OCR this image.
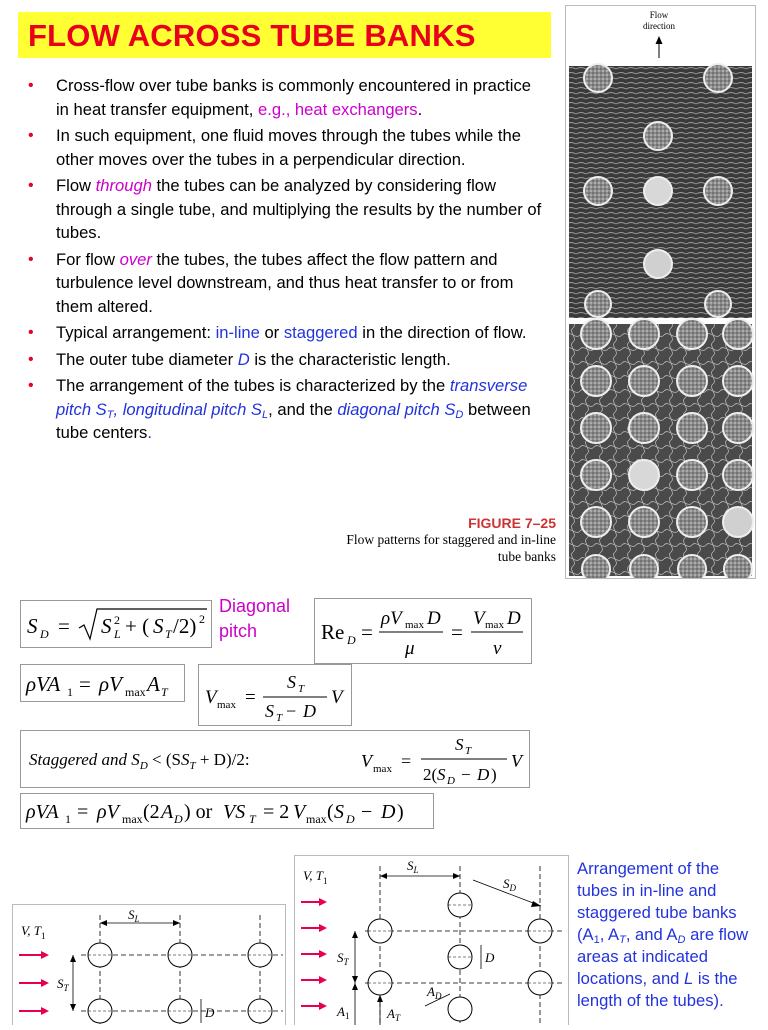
FLOW ACROSS TUBE BANKS
• Cross-flow over tube banks is commonly encountered in practice in heat transfer equipment, e.g., heat exchangers.
• In such equipment, one fluid moves through the tubes while the other moves over the tubes in a perpendicular direction.
• Flow through the tubes can be analyzed by considering flow through a single tube, and multiplying the results by the number of tubes.
• For flow over the tubes, the tubes affect the flow pattern and turbulence level downstream, and thus heat transfer to or from them altered.
• Typical arrangement: in-line or staggered in the direction of flow.
• The outer tube diameter D is the characteristic length.
• The arrangement of the tubes is characterized by the transverse pitch $S_T$, longitudinal pitch $S_L$, and the diagonal pitch $S_D$ between tube centers.
Flow
direction
FIGURE 7–25
Flow patterns for staggered and in-line
tube banks
S D = S 2
L + ( S T /2) 2
Diagonal
pitch	Re D =
ρV max D
μ
=
V max D
ν
ρVA 1 = ρV max A T V max =
S T
S T − D
V
Staggered and $S_D < (SS_T + D)/2$:	V max =
S T
2( S D − D )
V
ρVA 1 = ρV max (2 A D ) or VS T = 2 V max ( S D − D )
V, $T_1$
$S_L$
$S_T$
D
V, $T_1$
$S_L$
$S_D$
$S_T$
$A_1$	$A_T$
$A_D$
D
Arrangement of the tubes in in-line and staggered tube banks ($A_1$, $A_T$, and $A_D$ are flow areas at indicated locations, and L is the length of the tubes).
